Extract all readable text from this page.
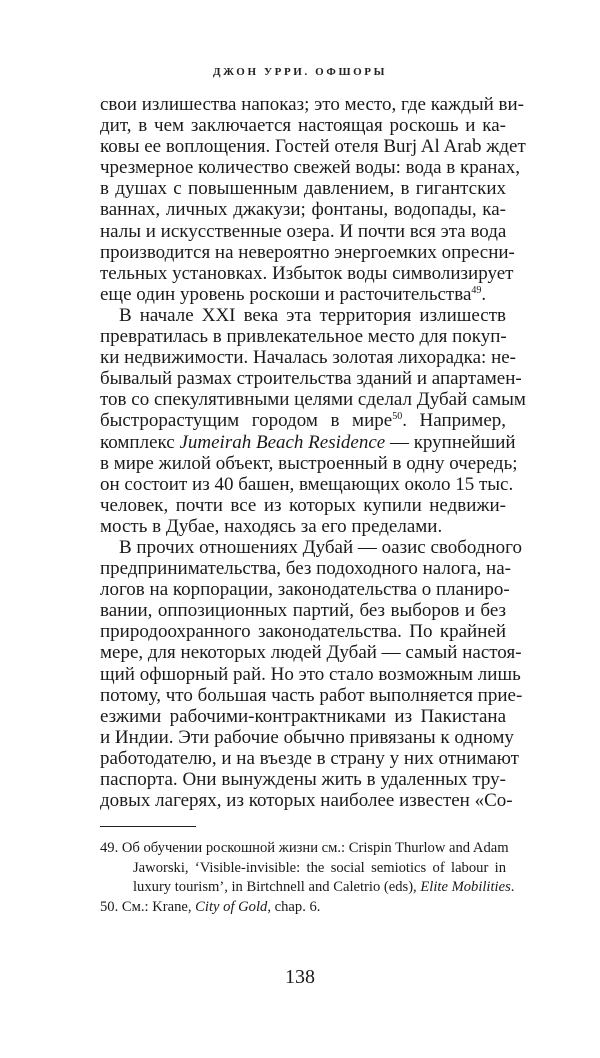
ДЖОН УРРИ. ОФШОРЫ
свои излишества напоказ; это место, где каждый ви-
дит, в чем заключается настоящая роскошь и ка-
ковы ее воплощения. Гостей отеля Burj Al Arab ждет
чрезмерное количество свежей воды: вода в кранах,
в душах с повышенным давлением, в гигантских
ваннах, личных джакузи; фонтаны, водопады, ка-
налы и искусственные озера. И почти вся эта вода
производится на невероятно энергоемких опресни-
тельных установках. Избыток воды символизирует
еще один уровень роскоши и расточительства$^{49}$.
В начале XXI века эта территория излишеств
превратилась в привлекательное место для покуп-
ки недвижимости. Началась золотая лихорадка: не-
бывалый размах строительства зданий и апартамен-
тов со спекулятивными целями сделал Дубай самым
быстрорастущим городом в мире$^{50}$. Например,
комплекс Jumeirah Beach Residence — крупнейший
в мире жилой объект, выстроенный в одну очередь;
он состоит из 40 башен, вмещающих около 15 тыс.
человек, почти все из которых купили недвижи-
мость в Дубае, находясь за его пределами.
В прочих отношениях Дубай — оазис свободного
предпринимательства, без подоходного налога, на-
логов на корпорации, законодательства о планиро-
вании, оппозиционных партий, без выборов и без
природоохранного законодательства. По крайней
мере, для некоторых людей Дубай — самый настоя-
щий офшорный рай. Но это стало возможным лишь
потому, что большая часть работ выполняется прие-
езжими рабочими-контрактниками из Пакистана
и Индии. Эти рабочие обычно привязаны к одному
работодателю, и на въезде в страну у них отнимают
паспорта. Они вынуждены жить в удаленных тру-
довых лагерях, из которых наиболее известен «Со-
49. Об обучении роскошной жизни см.: Crispin Thurlow and Adam
Jaworski, ‘Visible-invisible: the social semiotics of labour in
luxury tourism’, in Birtchnell and Caletrio (eds), Elite Mobilities.
50. См.: Krane, City of Gold, chap. 6.
138
